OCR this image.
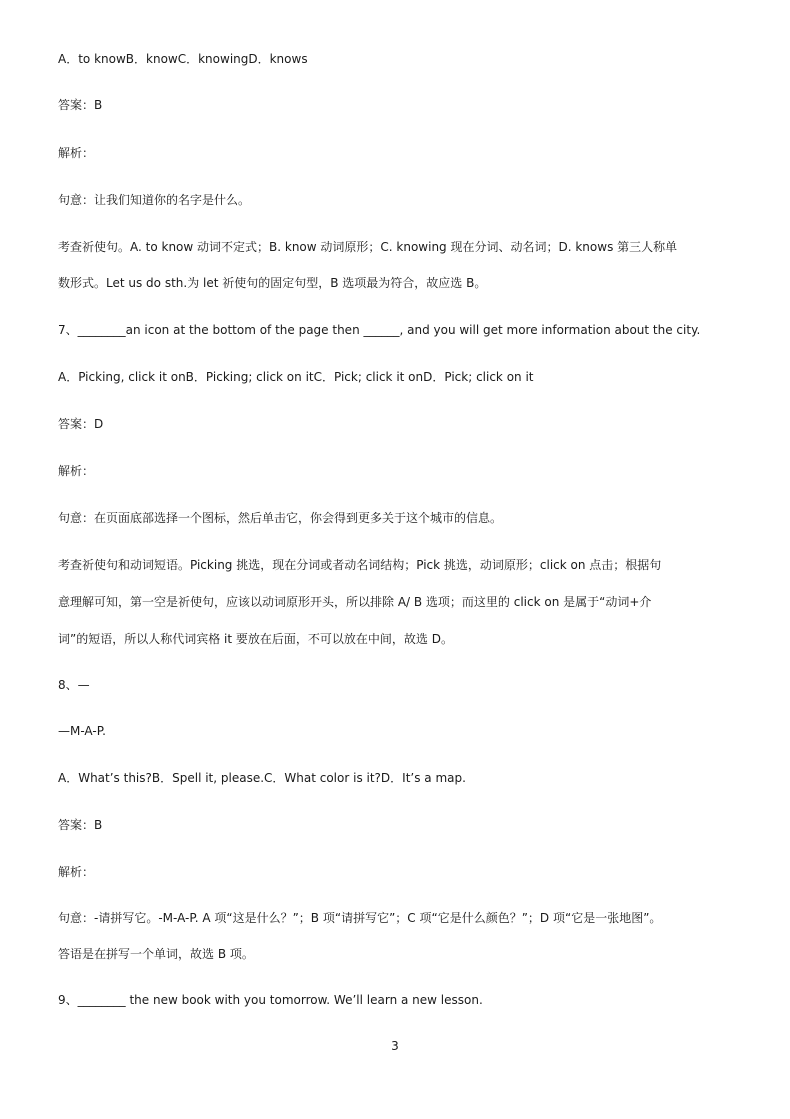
A．to knowB．knowC．knowingD．knows
答案：B
解析：
句意：让我们知道你的名字是什么。
考查祈使句。A. to know 动词不定式；B. know 动词原形；C. knowing 现在分词、动名词；D. knows 第三人称单
数形式。Let us do sth.为 let 祈使句的固定句型，B 选项最为符合，故应选 B。
7、________an icon at the bottom of the page then ______, and you will get more information about the city.
A．Picking, click it onB．Picking; click on itC．Pick; click it onD．Pick; click on it
答案：D
解析：
句意：在页面底部选择一个图标，然后单击它，你会得到更多关于这个城市的信息。
考查祈使句和动词短语。Picking 挑选，现在分词或者动名词结构；Pick 挑选，动词原形；click on 点击；根据句
意理解可知，第一空是祈使句，应该以动词原形开头，所以排除 A/ B 选项；而这里的 click on 是属于“动词+介
词”的短语，所以人称代词宾格 it 要放在后面，不可以放在中间，故选 D。
8、—
—M-A-P.
A．What’s this?B．Spell it, please.C．What color is it?D．It’s a map.
答案：B
解析：
句意：-请拼写它。-M-A-P. A 项“这是什么？”；B 项“请拼写它”；C 项“它是什么颜色？”；D 项“它是一张地图”。
答语是在拼写一个单词，故选 B 项。
9、________ the new book with you tomorrow. We’ll learn a new lesson.
3
